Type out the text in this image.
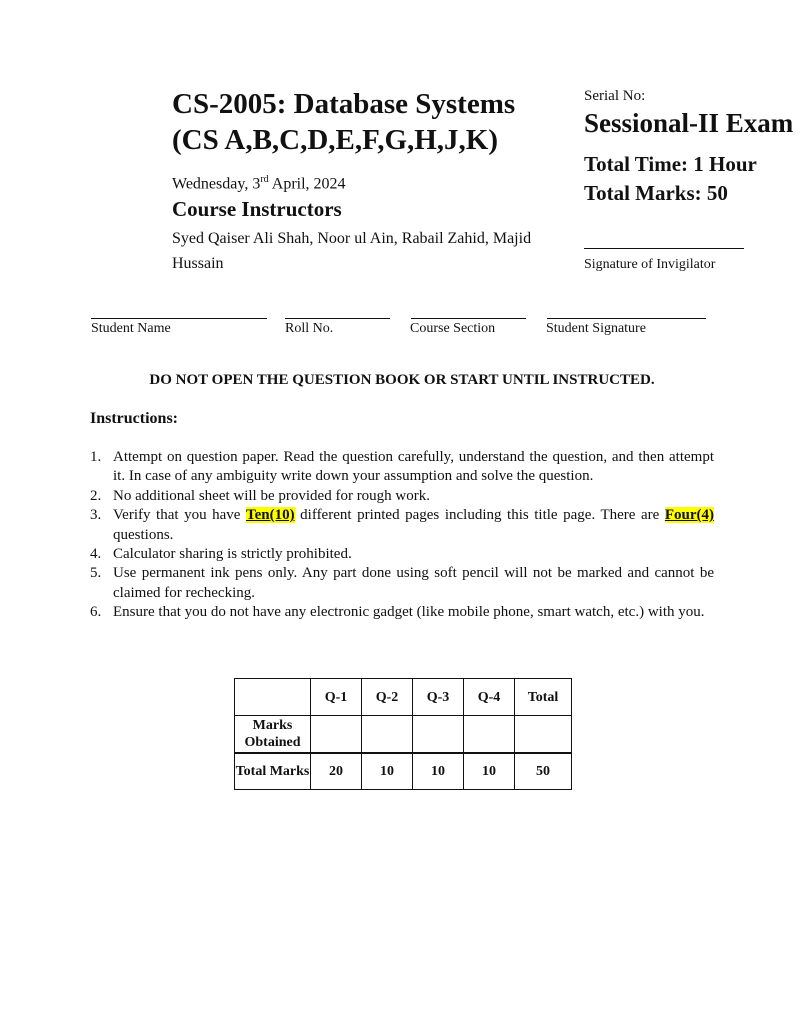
CS-2005: Database Systems
(CS A,B,C,D,E,F,G,H,J,K)
Wednesday, 3rd April, 2024
Course Instructors
Syed Qaiser Ali Shah, Noor ul Ain, Rabail Zahid, Majid Hussain
Serial No:
Sessional-II Exam
Total Time: 1 Hour
Total Marks: 50
Signature of Invigilator
Student Name	Roll No.	Course Section	Student Signature
DO NOT OPEN THE QUESTION BOOK OR START UNTIL INSTRUCTED.
Instructions:
1. Attempt on question paper. Read the question carefully, understand the question, and then attempt it. In case of any ambiguity write down your assumption and solve the question.
2. No additional sheet will be provided for rough work.
3. Verify that you have Ten(10) different printed pages including this title page. There are Four(4) questions.
4. Calculator sharing is strictly prohibited.
5. Use permanent ink pens only. Any part done using soft pencil will not be marked and cannot be claimed for rechecking.
6. Ensure that you do not have any electronic gadget (like mobile phone, smart watch, etc.) with you.
	Q-1	Q-2	Q-3	Q-4	Total
Marks Obtained					
Total Marks	20	10	10	10	50
